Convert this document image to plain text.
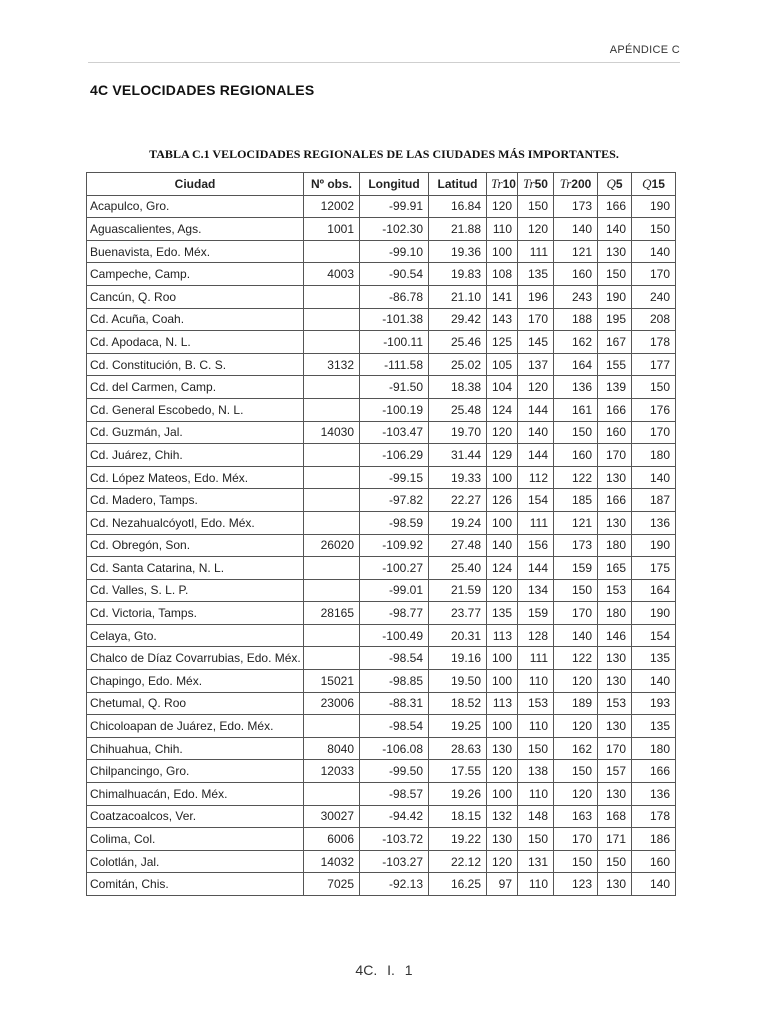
APÉNDICE C
4C VELOCIDADES REGIONALES
TABLA C.1 VELOCIDADES REGIONALES DE LAS CIUDADES MÁS IMPORTANTES.
Ciudad	Nº obs.	Longitud	Latitud	Tr10	Tr50	Tr200	Q5	Q15
Acapulco, Gro.	12002	-99.91	16.84	120	150	173	166	190
Aguascalientes, Ags.	1001	-102.30	21.88	110	120	140	140	150
Buenavista, Edo. Méx.		-99.10	19.36	100	111	121	130	140
Campeche, Camp.	4003	-90.54	19.83	108	135	160	150	170
Cancún, Q. Roo		-86.78	21.10	141	196	243	190	240
Cd. Acuña, Coah.		-101.38	29.42	143	170	188	195	208
Cd. Apodaca, N. L.		-100.11	25.46	125	145	162	167	178
Cd. Constitución, B. C. S.	3132	-111.58	25.02	105	137	164	155	177
Cd. del Carmen, Camp.		-91.50	18.38	104	120	136	139	150
Cd. General Escobedo, N. L.		-100.19	25.48	124	144	161	166	176
Cd. Guzmán, Jal.	14030	-103.47	19.70	120	140	150	160	170
Cd. Juárez, Chih.		-106.29	31.44	129	144	160	170	180
Cd. López Mateos, Edo. Méx.		-99.15	19.33	100	112	122	130	140
Cd. Madero, Tamps.		-97.82	22.27	126	154	185	166	187
Cd. Nezahualcóyotl, Edo. Méx.		-98.59	19.24	100	111	121	130	136
Cd. Obregón, Son.	26020	-109.92	27.48	140	156	173	180	190
Cd. Santa Catarina, N. L.		-100.27	25.40	124	144	159	165	175
Cd. Valles, S. L. P.		-99.01	21.59	120	134	150	153	164
Cd. Victoria, Tamps.	28165	-98.77	23.77	135	159	170	180	190
Celaya, Gto.		-100.49	20.31	113	128	140	146	154
Chalco de Díaz Covarrubias, Edo. Méx.		-98.54	19.16	100	111	122	130	135
Chapingo, Edo. Méx.	15021	-98.85	19.50	100	110	120	130	140
Chetumal, Q. Roo	23006	-88.31	18.52	113	153	189	153	193
Chicoloapan de Juárez, Edo. Méx.		-98.54	19.25	100	110	120	130	135
Chihuahua, Chih.	8040	-106.08	28.63	130	150	162	170	180
Chilpancingo, Gro.	12033	-99.50	17.55	120	138	150	157	166
Chimalhuacán, Edo. Méx.		-98.57	19.26	100	110	120	130	136
Coatzacoalcos, Ver.	30027	-94.42	18.15	132	148	163	168	178
Colima, Col.	6006	-103.72	19.22	130	150	170	171	186
Colotlán, Jal.	14032	-103.27	22.12	120	131	150	150	160
Comitán, Chis.	7025	-92.13	16.25	97	110	123	130	140
4C. I. 1
